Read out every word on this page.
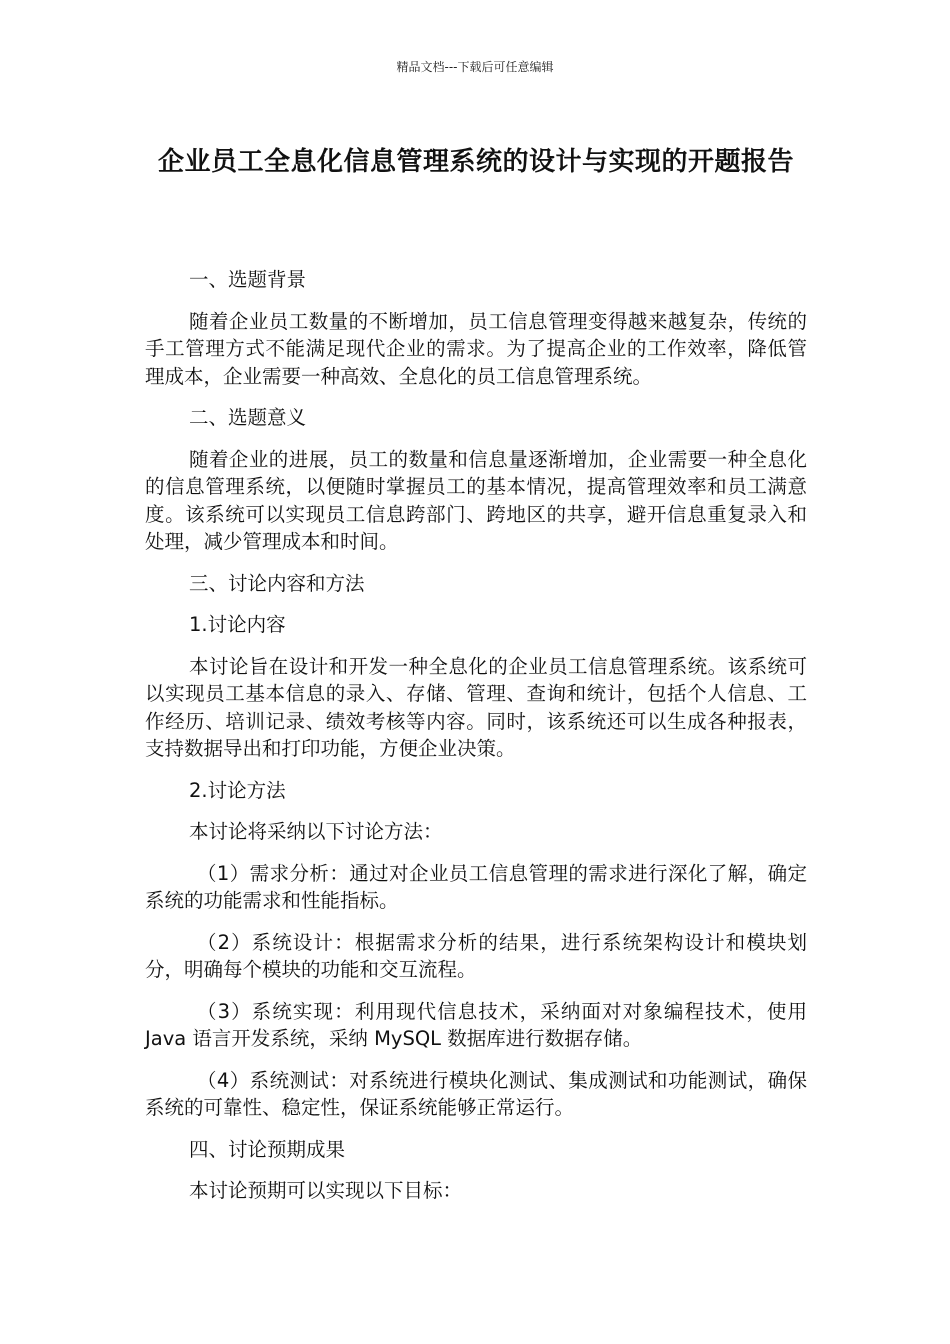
精品文档---下载后可任意编辑
企业员工全息化信息管理系统的设计与实现的开题报告

一、选题背景

随着企业员工数量的不断增加，员工信息管理变得越来越复杂，传统的手工管理方式不能满足现代企业的需求。为了提高企业的工作效率，降低管理成本，企业需要一种高效、全息化的员工信息管理系统。

二、选题意义

随着企业的进展，员工的数量和信息量逐渐增加，企业需要一种全息化的信息管理系统，以便随时掌握员工的基本情况，提高管理效率和员工满意度。该系统可以实现员工信息跨部门、跨地区的共享，避开信息重复录入和处理，减少管理成本和时间。

三、讨论内容和方法

1.讨论内容

本讨论旨在设计和开发一种全息化的企业员工信息管理系统。该系统可以实现员工基本信息的录入、存储、管理、查询和统计，包括个人信息、工作经历、培训记录、绩效考核等内容。同时，该系统还可以生成各种报表，支持数据导出和打印功能，方便企业决策。

2.讨论方法

本讨论将采纳以下讨论方法：

（1）需求分析：通过对企业员工信息管理的需求进行深化了解，确定系统的功能需求和性能指标。

（2）系统设计：根据需求分析的结果，进行系统架构设计和模块划分，明确每个模块的功能和交互流程。

（3）系统实现：利用现代信息技术，采纳面对对象编程技术，使用 Java 语言开发系统，采纳 MySQL 数据库进行数据存储。

（4）系统测试：对系统进行模块化测试、集成测试和功能测试，确保系统的可靠性、稳定性，保证系统能够正常运行。

四、讨论预期成果

本讨论预期可以实现以下目标：
